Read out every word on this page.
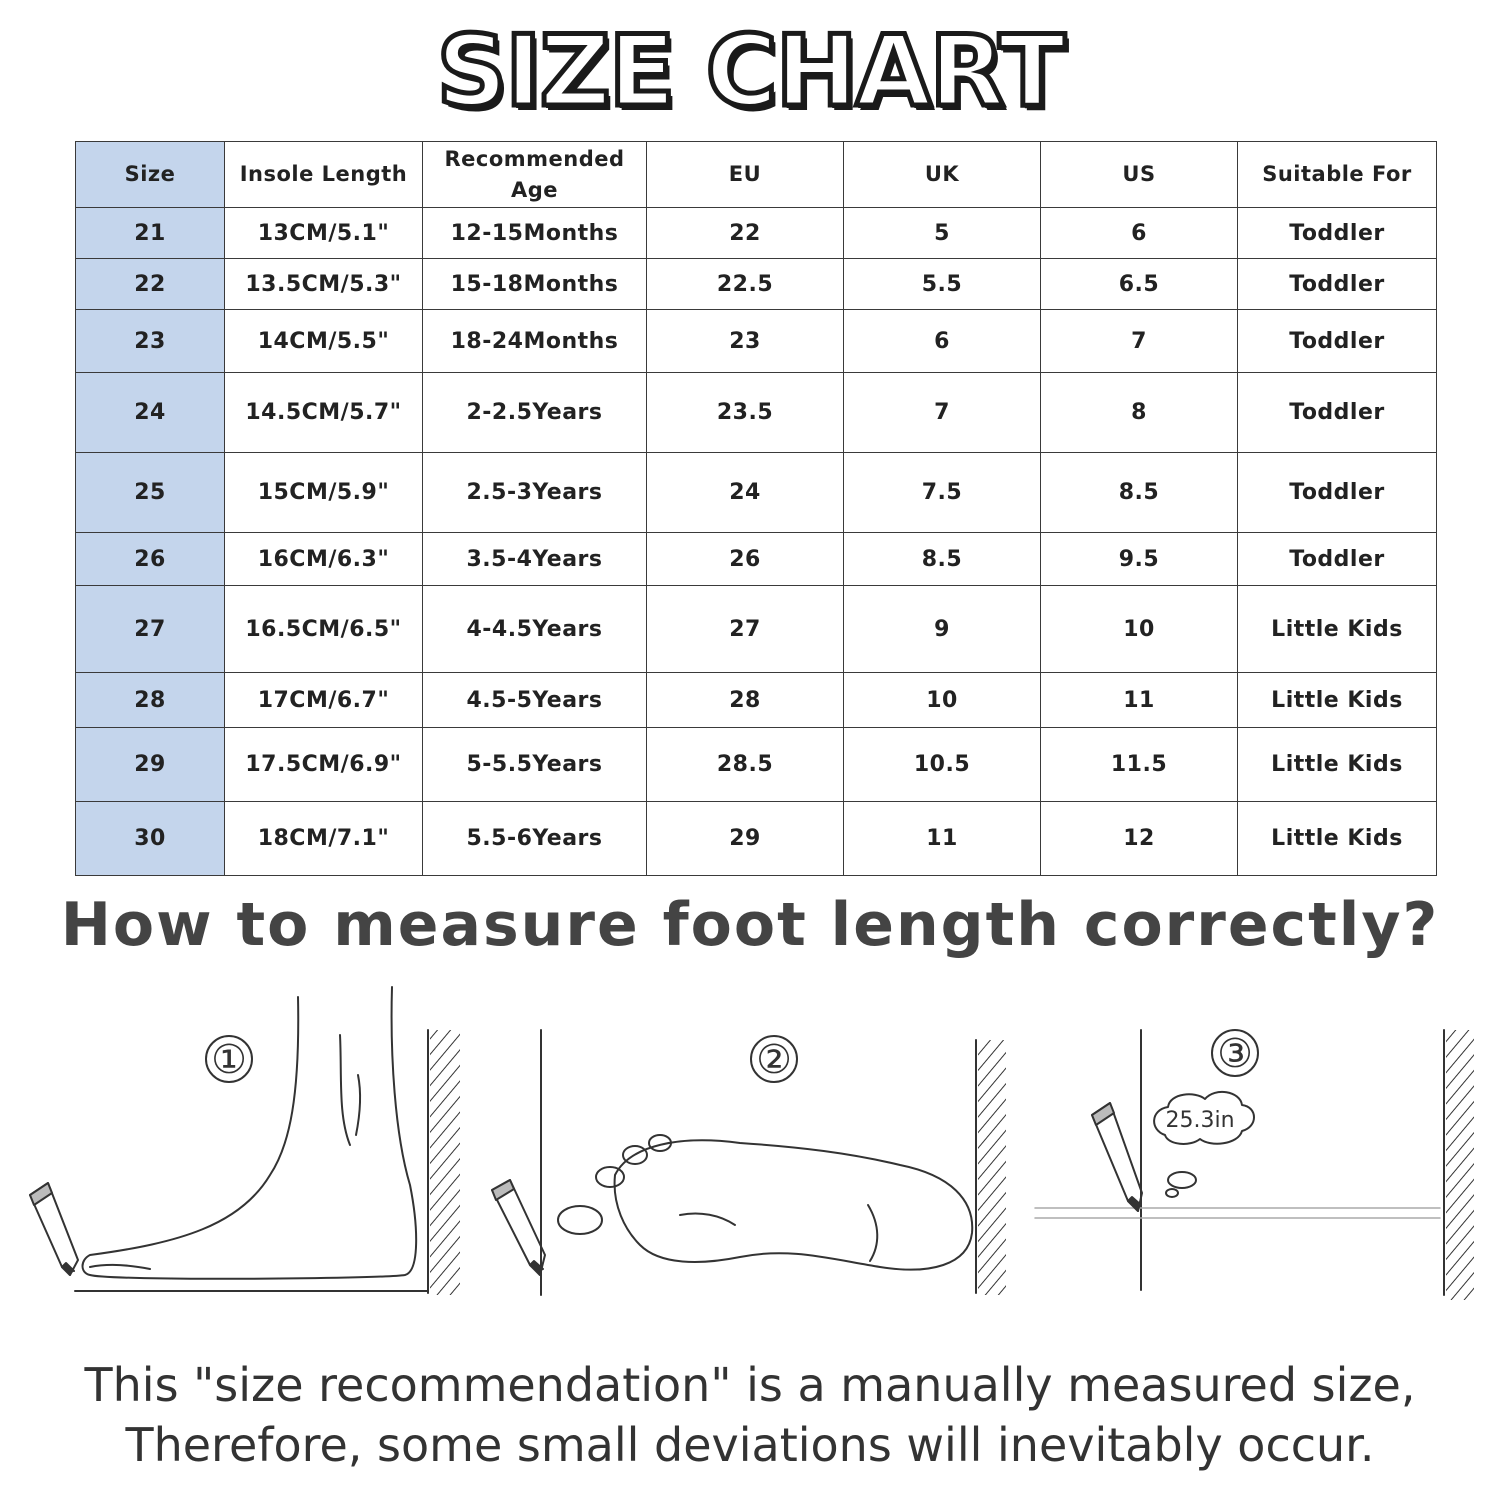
SIZE CHART
Size	Insole Length	Recommended Age	EU	UK	US	Suitable For
21	13CM/5.1"	12-15Months	22	5	6	Toddler
22	13.5CM/5.3"	15-18Months	22.5	5.5	6.5	Toddler
23	14CM/5.5"	18-24Months	23	6	7	Toddler
24	14.5CM/5.7"	2-2.5Years	23.5	7	8	Toddler
25	15CM/5.9"	2.5-3Years	24	7.5	8.5	Toddler
26	16CM/6.3"	3.5-4Years	26	8.5	9.5	Toddler
27	16.5CM/6.5"	4-4.5Years	27	9	10	Little Kids
28	17CM/6.7"	4.5-5Years	28	10	11	Little Kids
29	17.5CM/6.9"	5-5.5Years	28.5	10.5	11.5	Little Kids
30	18CM/7.1"	5.5-6Years	29	11	12	Little Kids
How to measure foot length correctly?
①	②	③
25.3in
This "size recommendation" is a manually measured size,
Therefore, some small deviations will inevitably occur.
